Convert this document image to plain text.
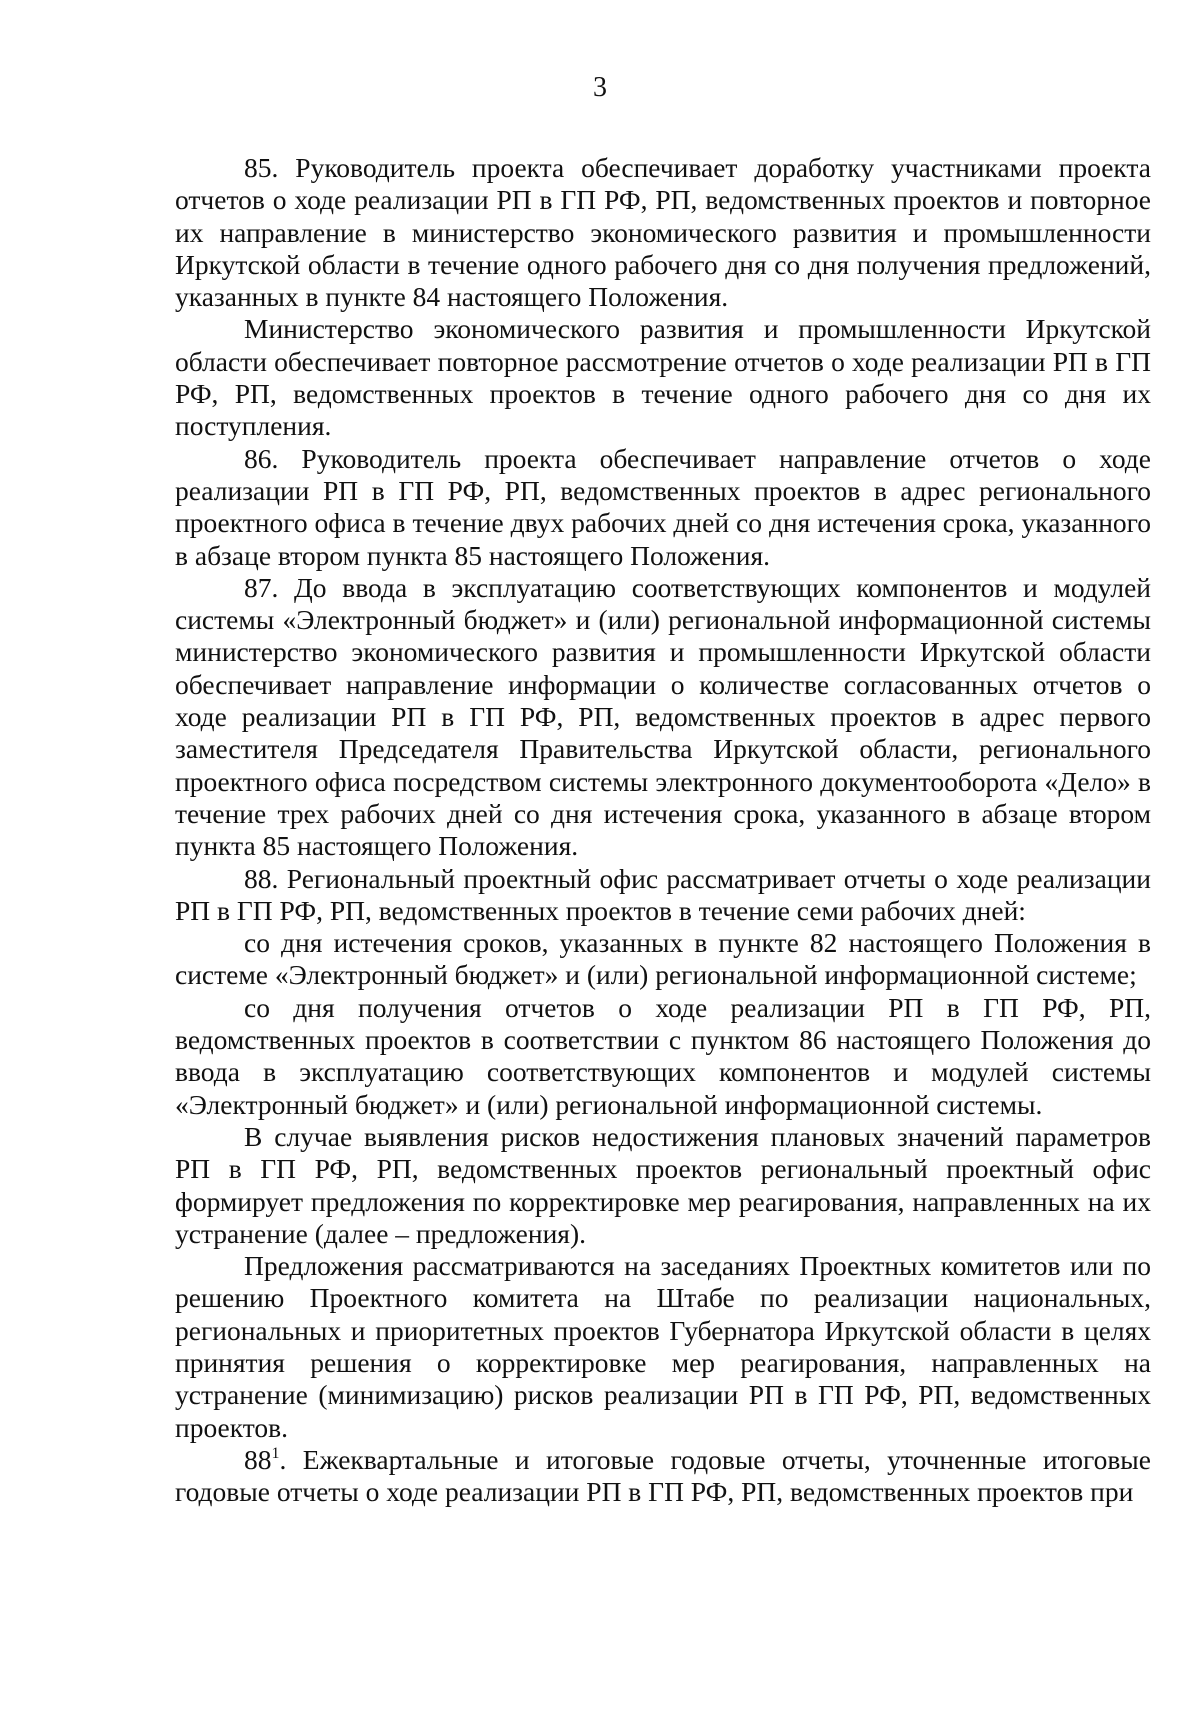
3

85. Руководитель проекта обеспечивает доработку участниками проекта отчетов о ходе реализации РП в ГП РФ, РП, ведомственных проектов и повторное их направление в министерство экономического развития и промышленности Иркутской области в течение одного рабочего дня со дня получения предложений, указанных в пункте 84 настоящего Положения.

Министерство экономического развития и промышленности Иркутской области обеспечивает повторное рассмотрение отчетов о ходе реализации РП в ГП РФ, РП, ведомственных проектов в течение одного рабочего дня со дня их поступления.

86. Руководитель проекта обеспечивает направление отчетов о ходе реализации РП в ГП РФ, РП, ведомственных проектов в адрес регионального проектного офиса в течение двух рабочих дней со дня истечения срока, указанного в абзаце втором пункта 85 настоящего Положения.

87. До ввода в эксплуатацию соответствующих компонентов и модулей системы «Электронный бюджет» и (или) региональной информационной системы министерство экономического развития и промышленности Иркутской области обеспечивает направление информации о количестве согласованных отчетов о ходе реализации РП в ГП РФ, РП, ведомственных проектов в адрес первого заместителя Председателя Правительства Иркутской области, регионального проектного офиса посредством системы электронного документооборота «Дело» в течение трех рабочих дней со дня истечения срока, указанного в абзаце втором пункта 85 настоящего Положения.

88. Региональный проектный офис рассматривает отчеты о ходе реализации РП в ГП РФ, РП, ведомственных проектов в течение семи рабочих дней:

со дня истечения сроков, указанных в пункте 82 настоящего Положения в системе «Электронный бюджет» и (или) региональной информационной системе;

со дня получения отчетов о ходе реализации РП в ГП РФ, РП, ведомственных проектов в соответствии с пунктом 86 настоящего Положения до ввода в эксплуатацию соответствующих компонентов и модулей системы «Электронный бюджет» и (или) региональной информационной системы.

В случае выявления рисков недостижения плановых значений параметров РП в ГП РФ, РП, ведомственных проектов региональный проектный офис формирует предложения по корректировке мер реагирования, направленных на их устранение (далее – предложения).

Предложения рассматриваются на заседаниях Проектных комитетов или по решению Проектного комитета на Штабе по реализации национальных, региональных и приоритетных проектов Губернатора Иркутской области в целях принятия решения о корректировке мер реагирования, направленных на устранение (минимизацию) рисков реализации РП в ГП РФ, РП, ведомственных проектов.

$88^1$. Ежеквартальные и итоговые годовые отчеты, уточненные итоговые годовые отчеты о ходе реализации РП в ГП РФ, РП, ведомственных проектов при
